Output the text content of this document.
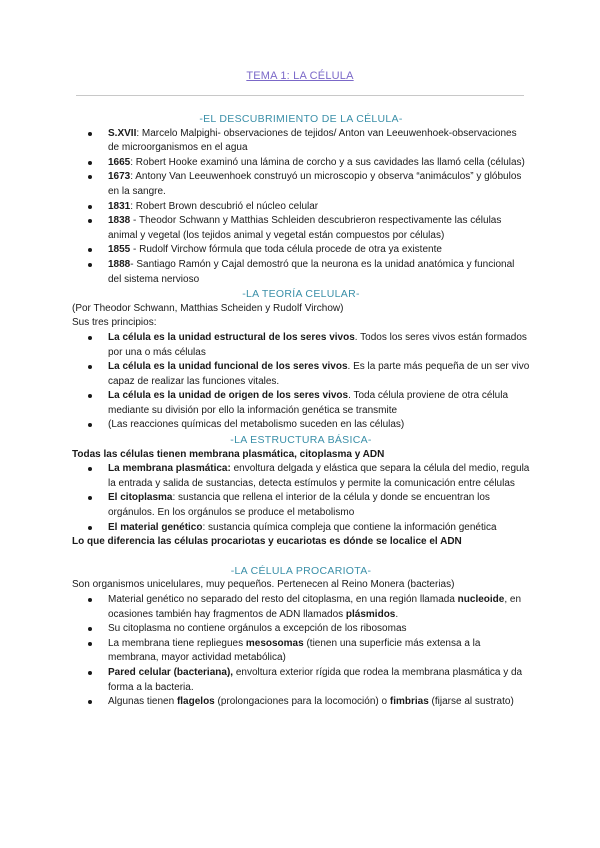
TEMA 1: LA CÉLULA
-EL DESCUBRIMIENTO DE LA CÉLULA-
S.XVII: Marcelo Malpighi- observaciones de tejidos/ Anton van Leeuwenhoek-observaciones de microorganismos en el agua
1665: Robert Hooke examinó una lámina de corcho y a sus cavidades las llamó cella (células)
1673: Antony Van Leeuwenhoek construyó un microscopio y observa “animáculos” y glóbulos en la sangre.
1831: Robert Brown descubrió el núcleo celular
1838 - Theodor Schwann y Matthias Schleiden descubrieron respectivamente las células animal y vegetal (los tejidos animal y vegetal están compuestos por células)
1855 - Rudolf Virchow fórmula que toda célula procede de otra ya existente
1888- Santiago Ramón y Cajal demostró que la neurona es la unidad anatómica y funcional del sistema nervioso
-LA TEORÍA CELULAR-

(Por Theodor Schwann, Matthias Scheiden y Rudolf Virchow)

Sus tres principios:

La célula es la unidad estructural de los seres vivos. Todos los seres vivos están formados por una o más células
La célula es la unidad funcional de los seres vivos. Es la parte más pequeña de un ser vivo capaz de realizar las funciones vitales.
La célula es la unidad de origen de los seres vivos. Toda célula proviene de otra célula mediante su división por ello la información genética se transmite
(Las reacciones químicas del metabolismo suceden en las células)
-LA ESTRUCTURA BÁSICA-

Todas las células tienen membrana plasmática, citoplasma y ADN

La membrana plasmática: envoltura delgada y elástica que separa la célula del medio, regula la entrada y salida de sustancias, detecta estímulos y permite la comunicación entre células
El citoplasma: sustancia que rellena el interior de la célula y donde se encuentran los orgánulos. En los orgánulos se produce el metabolismo
El material genético: sustancia química compleja que contiene la información genética

Lo que diferencia las células procariotas y eucariotas es dónde se localice el ADN

-LA CÉLULA PROCARIOTA-

Son organismos unicelulares, muy pequeños. Pertenecen al Reino Monera (bacterias)

Material genético no separado del resto del citoplasma, en una región llamada nucleoide, en ocasiones también hay fragmentos de ADN llamados plásmidos.
Su citoplasma no contiene orgánulos a excepción de los ribosomas
La membrana tiene repliegues mesosomas (tienen una superficie más extensa a la membrana, mayor actividad metabólica)
Pared celular (bacteriana), envoltura exterior rígida que rodea la membrana plasmática y da forma a la bacteria.
Algunas tienen flagelos (prolongaciones para la locomoción) o fimbrias (fijarse al sustrato)
